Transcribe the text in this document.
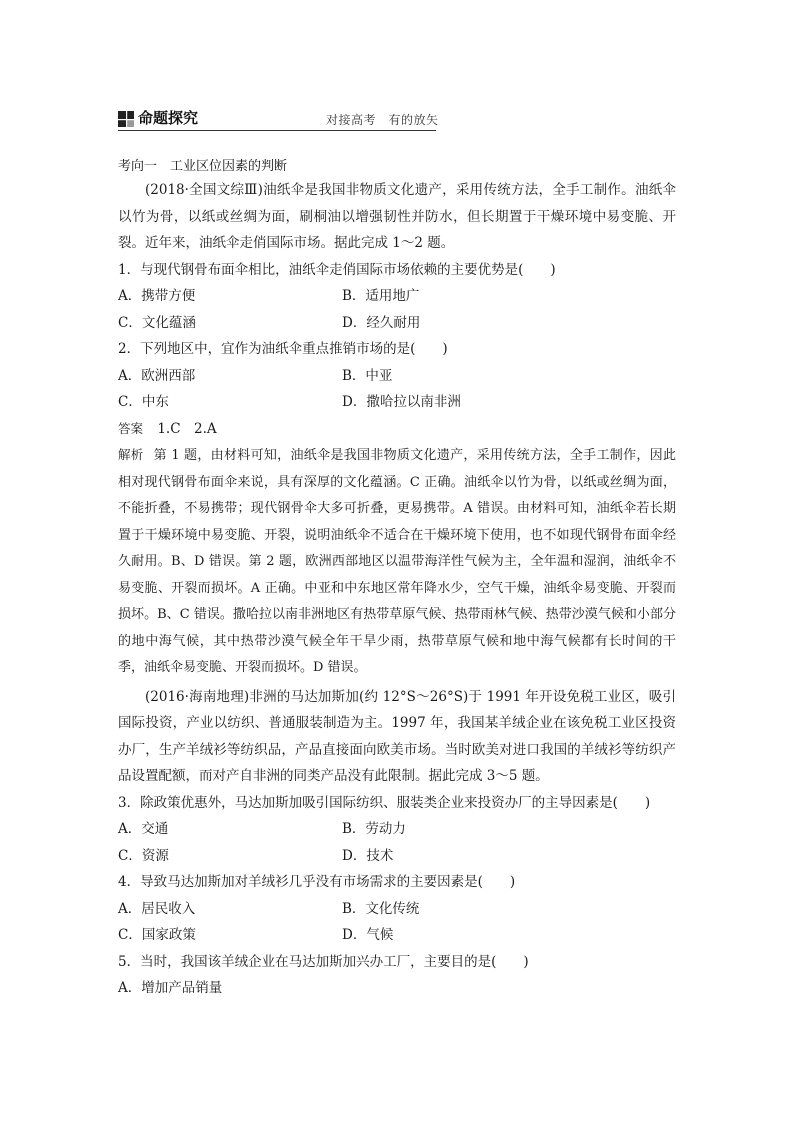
命题探究	对接高考　有的放矢
考向一　工业区位因素的判断

(2018·全国文综Ⅲ)油纸伞是我国非物质文化遗产，采用传统方法，全手工制作。油纸伞以竹为骨，以纸或丝绸为面，刷桐油以增强韧性并防水，但长期置于干燥环境中易变脆、开裂。近年来，油纸伞走俏国际市场。据此完成 1～2 题。

1．与现代钢骨布面伞相比，油纸伞走俏国际市场依赖的主要优势是(　　)

A．携带方便	B．适用地广
C．文化蕴涵	D．经久耐用

2．下列地区中，宜作为油纸伞重点推销市场的是(　　)

A．欧洲西部	B．中亚
C．中东	D．撒哈拉以南非洲

答案 1.C　2.A

解析 第 1 题，由材料可知，油纸伞是我国非物质文化遗产，采用传统方法，全手工制作，因此相对现代钢骨布面伞来说，具有深厚的文化蕴涵。C 正确。油纸伞以竹为骨，以纸或丝绸为面，不能折叠，不易携带；现代钢骨伞大多可折叠，更易携带。A 错误。由材料可知，油纸伞若长期置于干燥环境中易变脆、开裂，说明油纸伞不适合在干燥环境下使用，也不如现代钢骨布面伞经久耐用。B、D 错误。第 2 题，欧洲西部地区以温带海洋性气候为主，全年温和湿润，油纸伞不易变脆、开裂而损坏。A 正确。中亚和中东地区常年降水少，空气干燥，油纸伞易变脆、开裂而损坏。B、C 错误。撒哈拉以南非洲地区有热带草原气候、热带雨林气候、热带沙漠气候和小部分的地中海气候，其中热带沙漠气候全年干旱少雨，热带草原气候和地中海气候都有长时间的干季，油纸伞易变脆、开裂而损坏。D 错误。

(2016·海南地理)非洲的马达加斯加(约 12°S～26°S)于 1991 年开设免税工业区，吸引国际投资，产业以纺织、普通服装制造为主。1997 年，我国某羊绒企业在该免税工业区投资办厂，生产羊绒衫等纺织品，产品直接面向欧美市场。当时欧美对进口我国的羊绒衫等纺织产品设置配额，而对产自非洲的同类产品没有此限制。据此完成 3～5 题。

3．除政策优惠外，马达加斯加吸引国际纺织、服装类企业来投资办厂的主导因素是(　　)

A．交通	B．劳动力
C．资源	D．技术

4．导致马达加斯加对羊绒衫几乎没有市场需求的主要因素是(　　)

A．居民收入	B．文化传统
C．国家政策	D．气候

5．当时，我国该羊绒企业在马达加斯加兴办工厂，主要目的是(　　)

A．增加产品销量
